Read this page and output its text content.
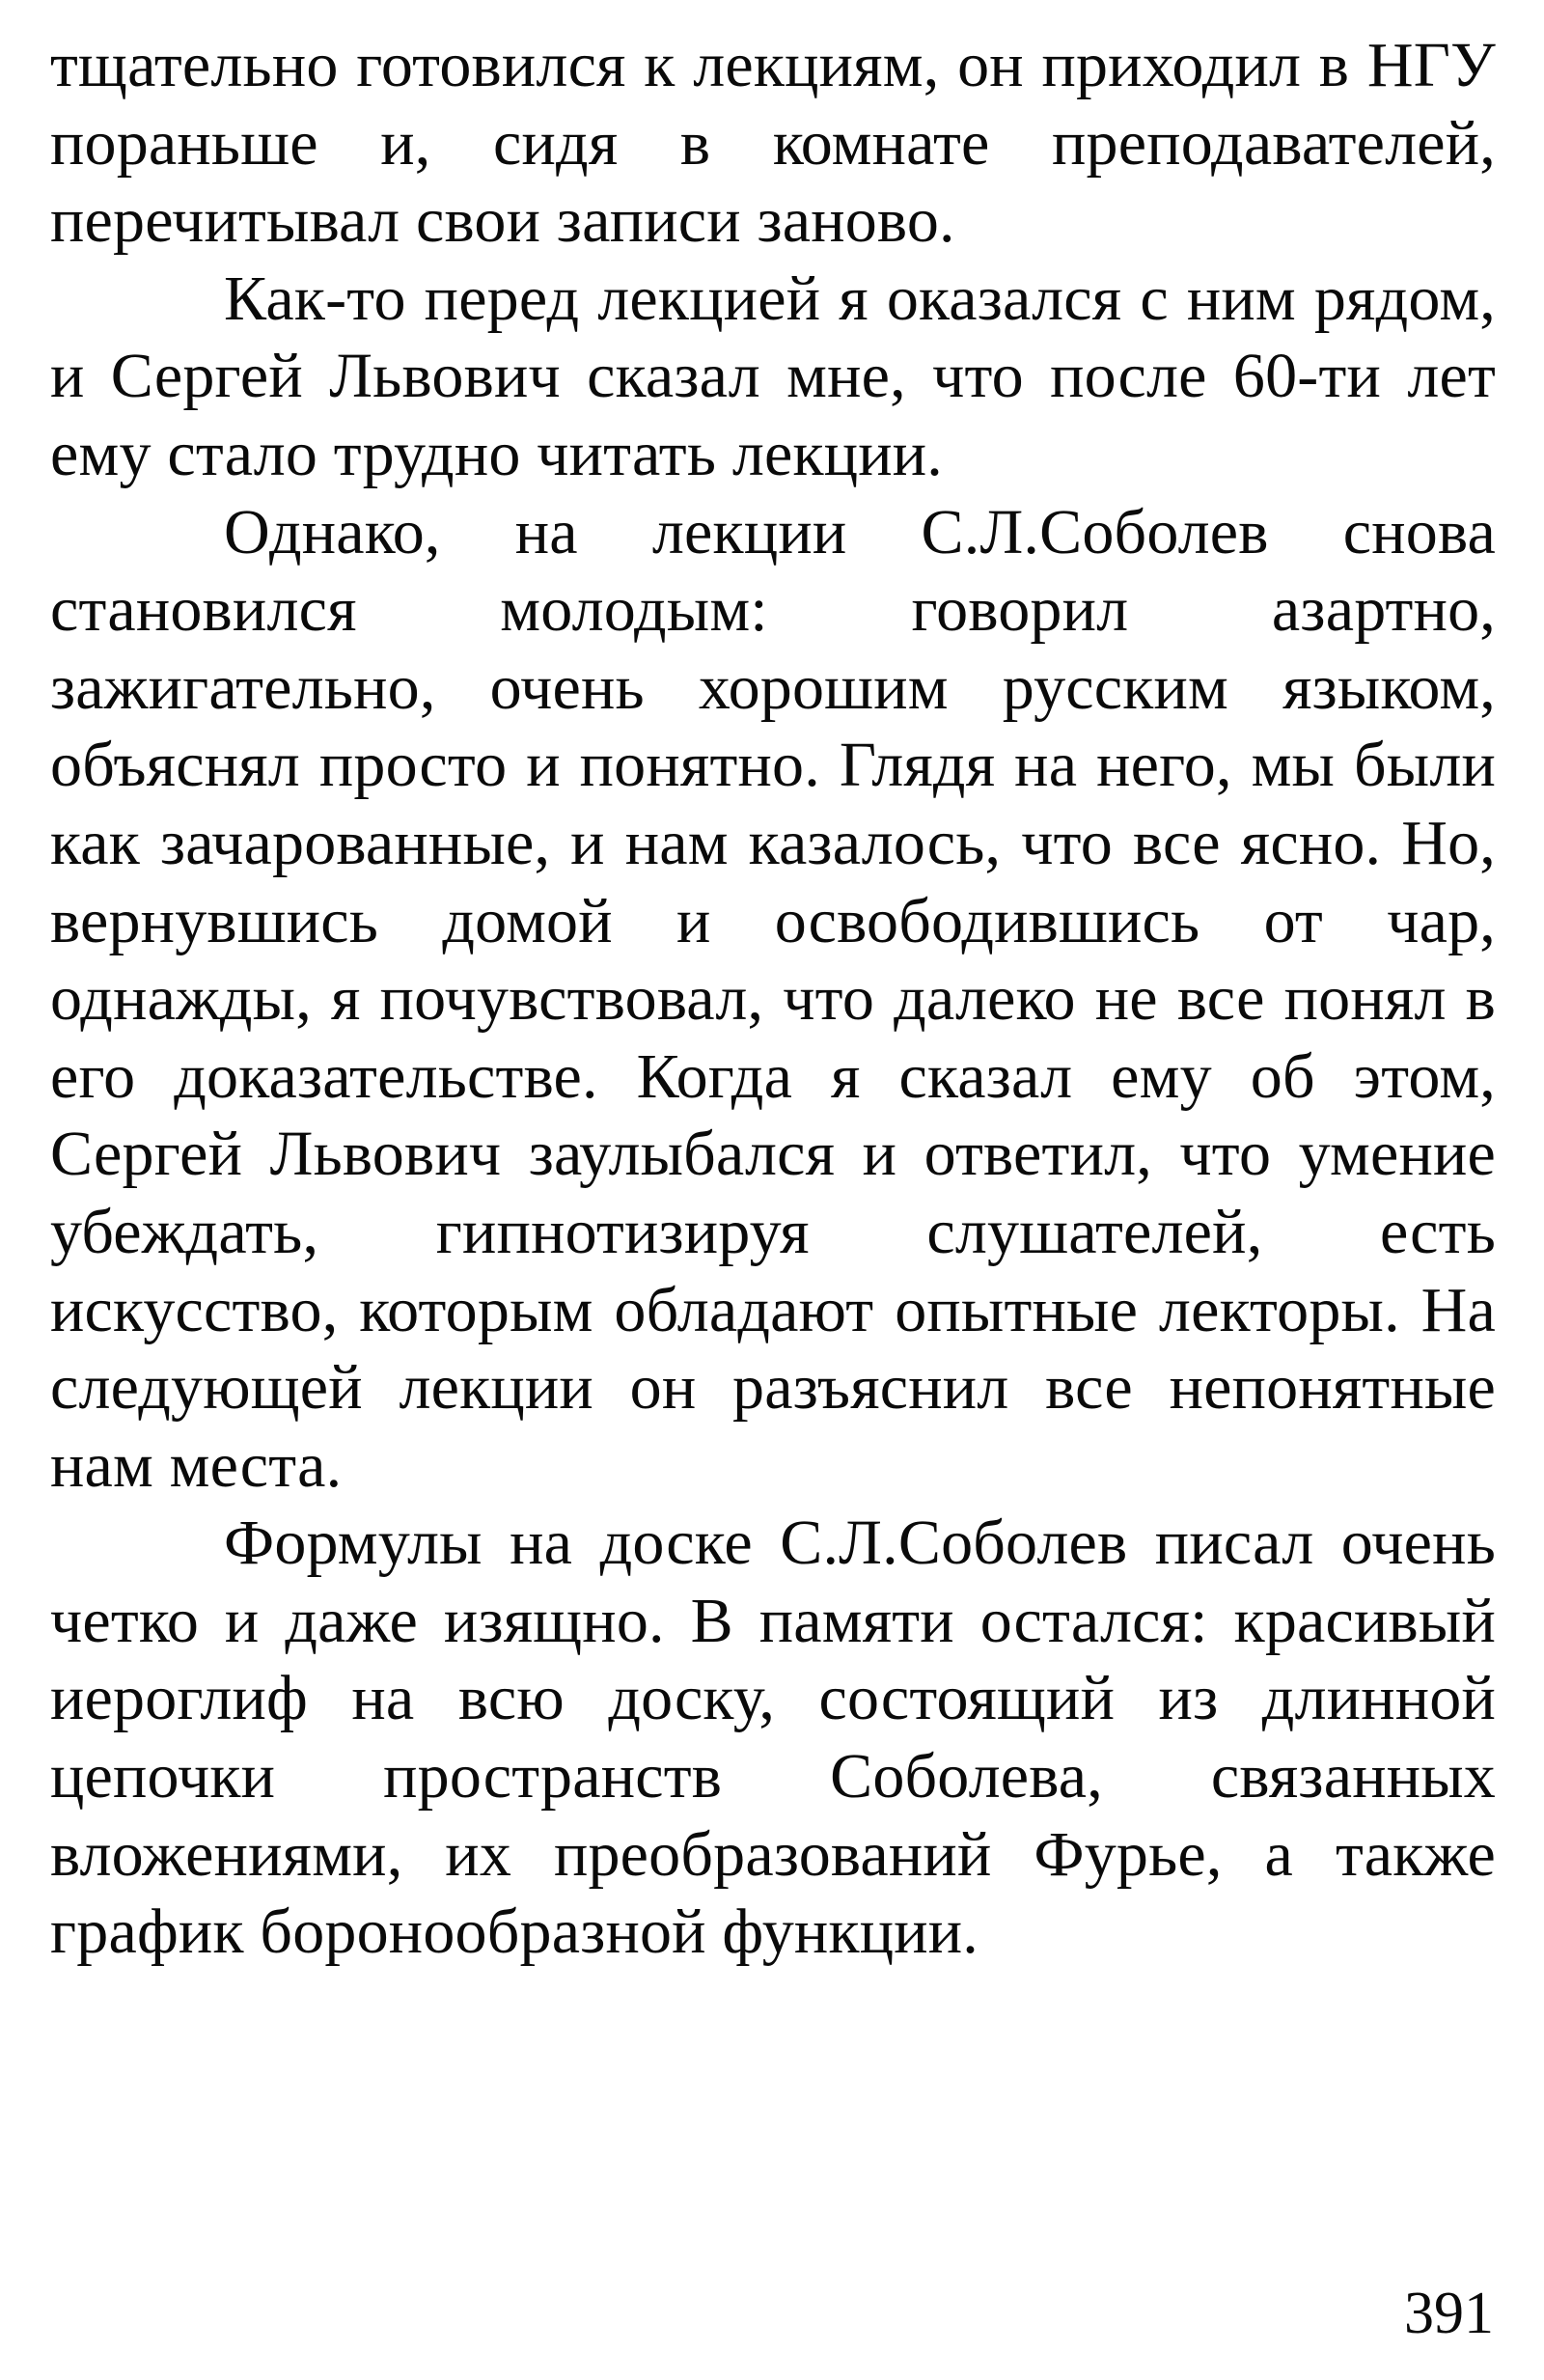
тщательно готовился к лекциям, он приходил в НГУ пораньше и, сидя в комнате преподавателей, перечитывал свои записи заново.

Как-то перед лекцией я оказался с ним рядом, и Сергей Львович сказал мне, что после 60-ти лет ему стало трудно читать лекции.

Однако, на лекции С.Л.Соболев снова становился молодым: говорил азартно, зажигательно, очень хорошим русским языком, объяснял просто и понятно. Глядя на него, мы были как зачарованные, и нам казалось, что все ясно. Но, вернувшись домой и освободившись от чар, однажды, я почувствовал, что далеко не все понял в его доказательстве. Когда я сказал ему об этом, Сергей Львович заулыбался и ответил, что умение убеждать, гипнотизируя слушателей, есть искусство, которым обладают опытные лекторы. На следующей лекции он разъяснил все непонятные нам места.

Формулы на доске С.Л.Соболев писал очень четко и даже изящно. В памяти остался: красивый иероглиф на всю доску, состоящий из длинной цепочки пространств Соболева, связанных вложениями, их преобразований Фурье, а также график боронообразной функции.

391
